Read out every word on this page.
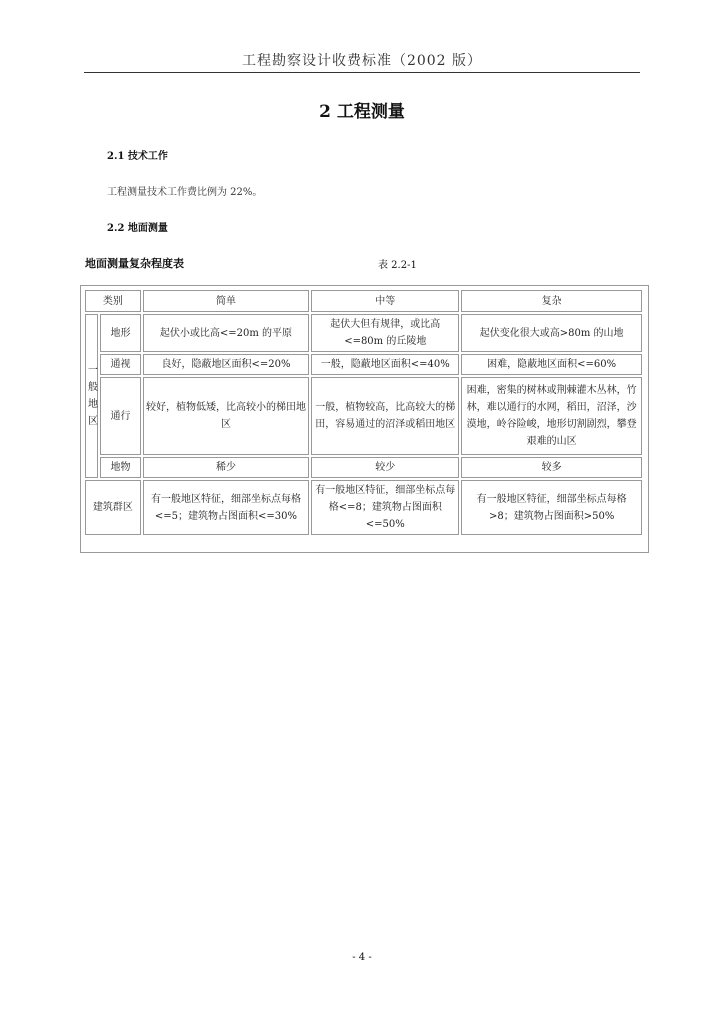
工程勘察设计收费标准（2002 版）
2 工程测量
2.1 技术工作
工程测量技术工作费比例为 22%。
2.2 地面测量
地面测量复杂程度表	表 2.2-1
类别		简单	中等	复杂
一
般
地
区	地形	起伏小或比高<=20m 的平原	起伏大但有规律，或比高<=80m 的丘陵地	起伏变化很大或高>80m 的山地
	通视	良好，隐蔽地区面积<=20%	一般，隐蔽地区面积<=40%	困难，隐蔽地区面积<=60%
	通行	较好，植物低矮，比高较小的梯田地区	一般，植物较高，比高较大的梯田，容易通过的沼泽或稻田地区	困难，密集的树林或荆棘灌木丛林，竹林，难以通行的水网，稻田，沼泽，沙漠地，岭谷险峻，地形切割剧烈，攀登艰难的山区
	地物	稀少	较少	较多
建筑群区		有一般地区特征，细部坐标点每格<=5；建筑物占图面积<=30%	有一般地区特征，细部坐标点每格<=8；建筑物占图面积<=50%	有一般地区特征，细部坐标点每格>8；建筑物占图面积>50%
- 4 -
